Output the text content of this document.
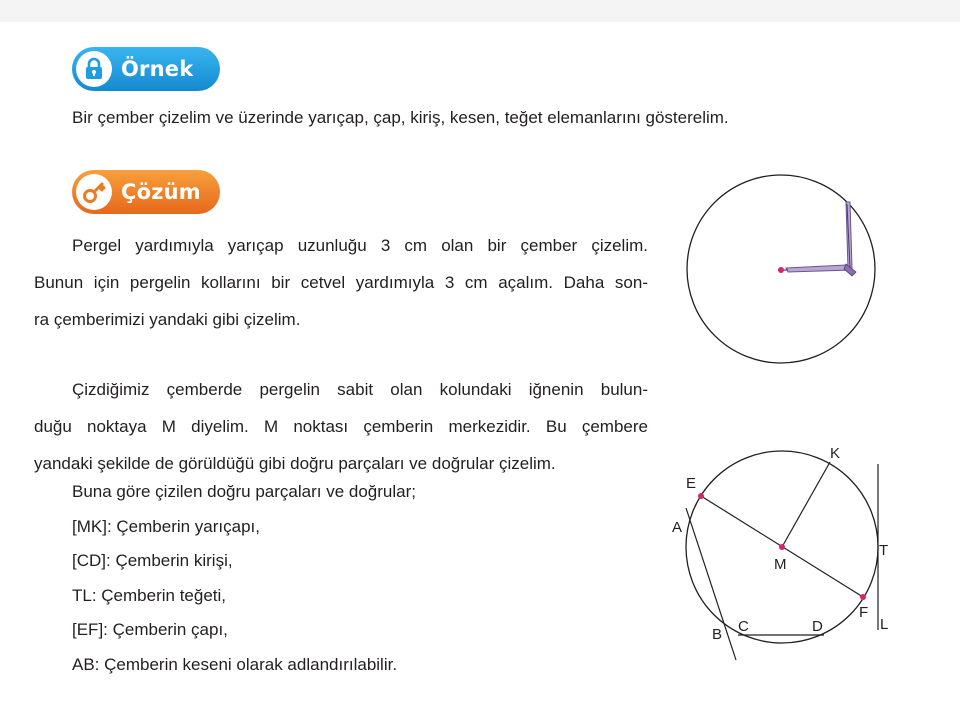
Örnek
Bir çember çizelim ve üzerinde yarıçap, çap, kiriş, kesen, teğet elemanlarını gösterelim.
Çözüm
Pergel yardımıyla yarıçap uzunluğu 3 cm olan bir çember çizelim.
Bunun için pergelin kollarını bir cetvel yardımıyla 3 cm açalım. Daha son-
ra çemberimizi yandaki gibi çizelim.
Çizdiğimiz çemberde pergelin sabit olan kolundaki iğnenin bulun-
duğu noktaya M diyelim. M noktası çemberin merkezidir. Bu çembere
yandaki şekilde de görüldüğü gibi doğru parçaları ve doğrular çizelim.
Buna göre çizilen doğru parçaları ve doğrular;
[MK]: Çemberin yarıçapı,
[CD]: Çemberin kirişi,
TL: Çemberin teğeti,
[EF]: Çemberin çapı,
AB: Çemberin keseni olarak adlandırılabilir.
E
A
K
M
T
F
L
B C	D
